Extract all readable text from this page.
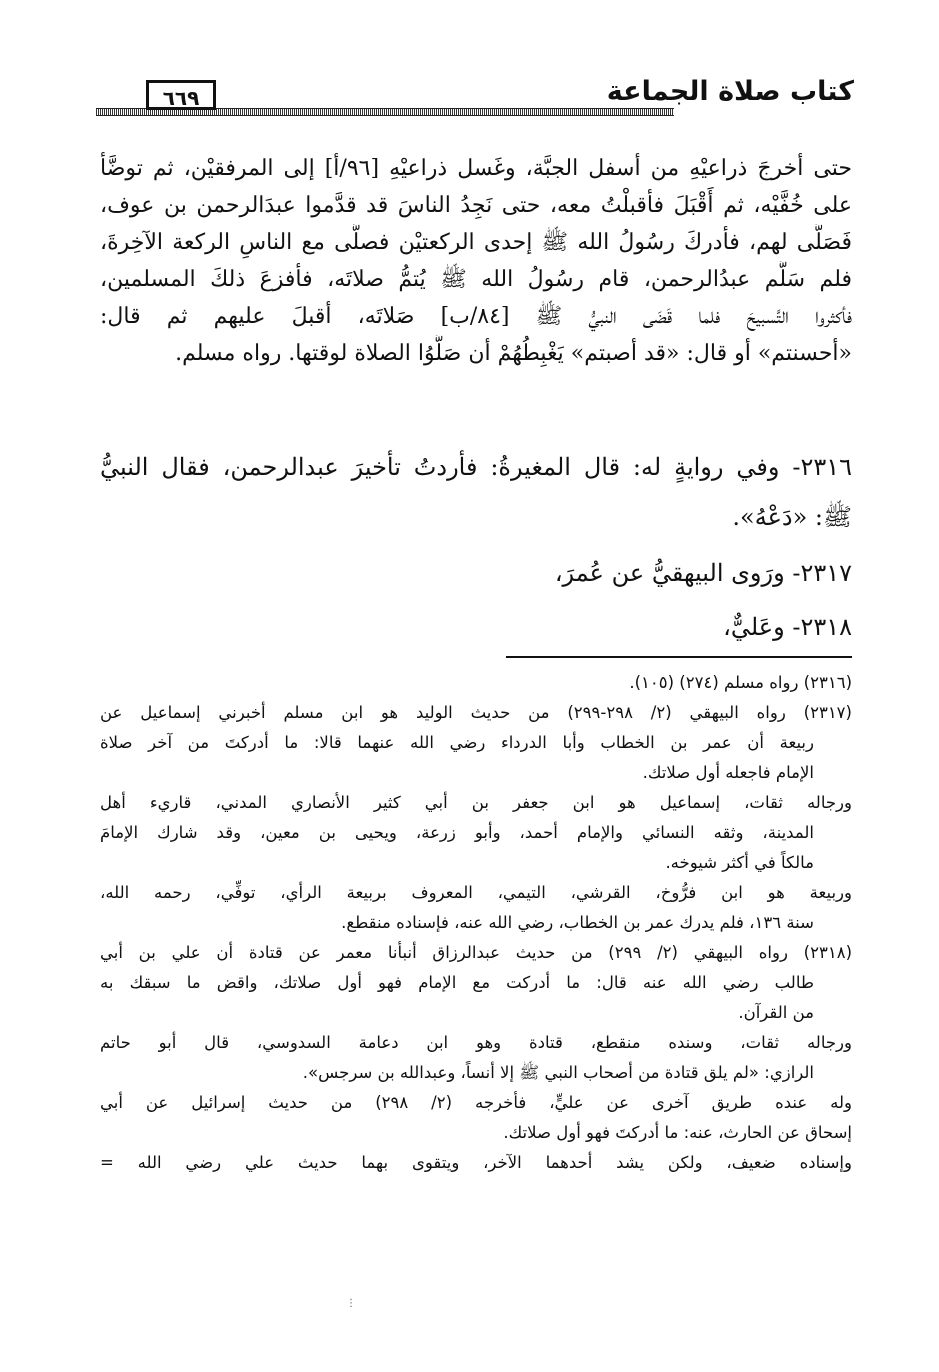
كتاب صلاة الجماعة
٦٦٩
حتى أخرجَ ذراعيْهِ من أسفل الجبَّة، وغَسل ذراعيْهِ [٩٦/أ] إلى المرفقيْن، ثم توضَّأ
على خُفَّيْه، ثم أَقْبَلَ فأقبلْتُ معه، حتى نَجِدُ الناسَ قد قدَّموا عبدَالرحمن بن عوف،
فَصَلَّى لهم، فأدركَ رسُولُ الله ﷺ إحدى الركعتيْن فصلَّى مع الناسِ الركعة الآخِرةَ،
فلم سَلَّم عبدُالرحمن، قام رسُولُ الله ﷺ يُتمُّ صلاتَه، فأفزعَ ذلكَ المسلمين،
فأكثروا التَّسبيحَ فلما قَضَى النبيُّ ﷺ [٨٤/ب] صَلاتَه، أقبلَ عليهم ثم قال:
«أحسنتم» أو قال: «قد أصبتم» يَغْبِطُهُمْ أن صَلَّوُا الصلاة لوقتها. رواه مسلم.
٢٣١٦- وفي روايةٍ له: قال المغيرةُ: فأردتُ تأخيرَ عبدالرحمن، فقال النبيُّ
ﷺ: «دَعْهُ».
٢٣١٧- ورَوى البيهقيُّ عن عُمرَ،
٢٣١٨- وعَليٌّ،
(٢٣١٦) رواه مسلم (٢٧٤) (١٠٥).
(٢٣١٧) رواه البيهقي (٢/ ٢٩٨-٢٩٩) من حديث الوليد هو ابن مسلم أخبرني إسماعيل عن
ربيعة أن عمر بن الخطاب وأبا الدرداء رضي الله عنهما قالا: ما أدركتَ من آخر صلاة
الإمام فاجعله أول صلاتك.
ورجاله ثقات، إسماعيل هو ابن جعفر بن أبي كثير الأنصاري المدني، قاريء أهل
المدينة، وثقه النسائي والإمام أحمد، وأبو زرعة، ويحيى بن معين، وقد شارك الإمامَ
مالكاً في أكثر شيوخه.
وربيعة هو ابن فرُّوخ، القرشي، التيمي، المعروف بربيعة الرأي، توفِّي، رحمه الله،
سنة ١٣٦، فلم يدرك عمر بن الخطاب، رضي الله عنه، فإسناده منقطع.
(٢٣١٨) رواه البيهقي (٢/ ٢٩٩) من حديث عبدالرزاق أنبأنا معمر عن قتادة أن علي بن أبي
طالب رضي الله عنه قال: ما أدركت مع الإمام فهو أول صلاتك، واقض ما سبقك به
من القرآن.
ورجاله ثقات، وسنده منقطع، قتادة وهو ابن دعامة السدوسي، قال أبو حاتم
الرازي: «لم يلق قتادة من أصحاب النبي ﷺ إلا أنساً، وعبدالله بن سرجس».
وله عنده طريق آخرى عن عليٍّ، فأخرجه (٢/ ٢٩٨) من حديث إسرائيل عن أبي
إسحاق عن الحارث، عنه: ما أدركتَ فهو أول صلاتك.
وإسناده ضعيف، ولكن يشد أحدهما الآخر، ويتقوى بهما حديث علي رضي الله =
⋮
